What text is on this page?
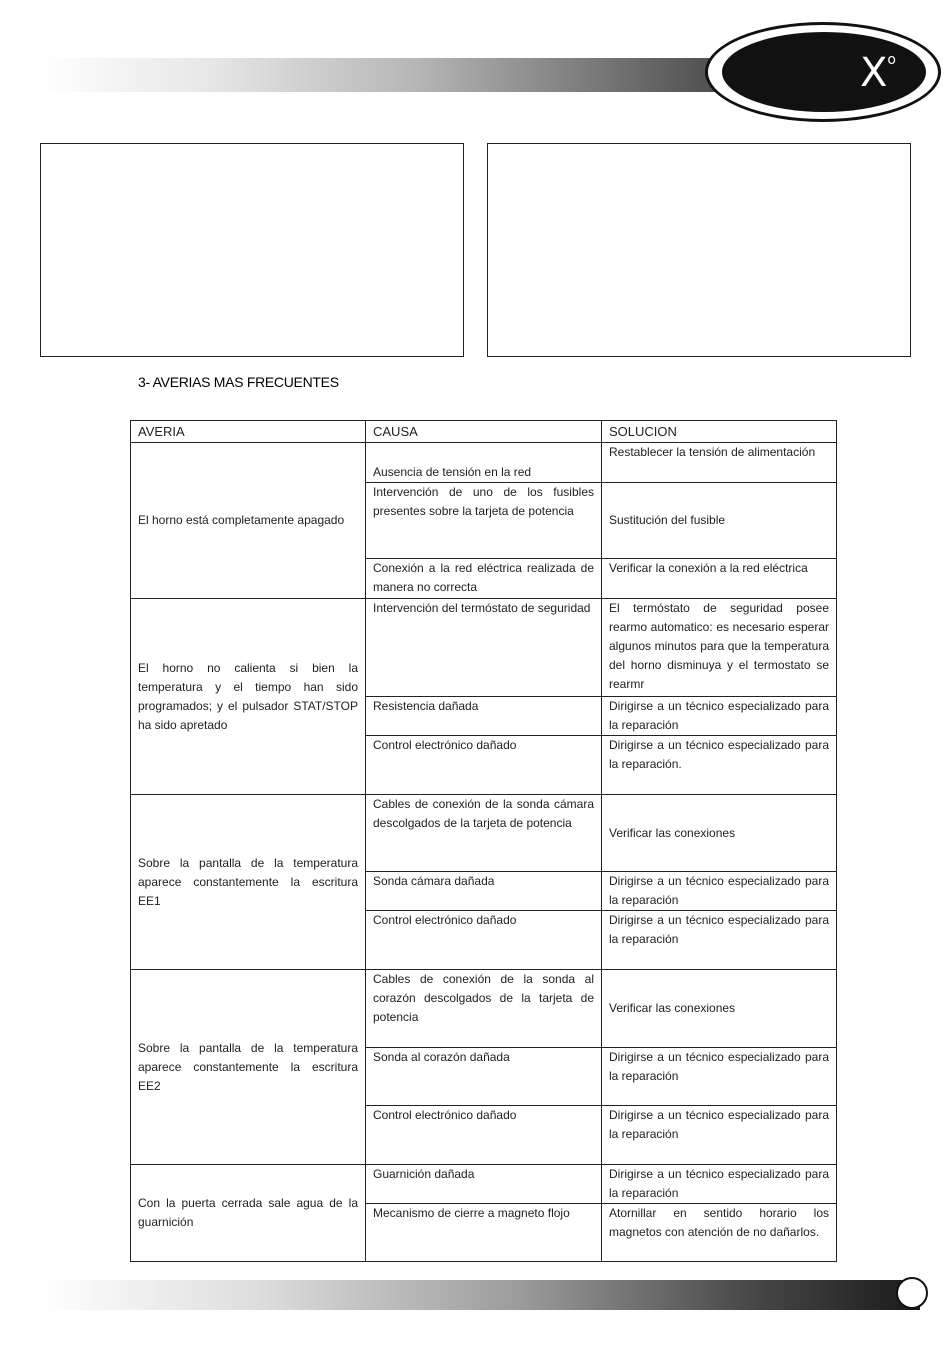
$X^o$
3- AVERIAS MAS FRECUENTES
AVERIA	CAUSA	SOLUCION
El horno está completamente apagado	Ausencia de tensión en la red	Restablecer la tensión de alimentación
	Intervención de uno de los fusibles presentes sobre la tarjeta de potencia	Sustitución del fusible
	Conexión a la red eléctrica realizada de manera no correcta	Verificar la conexión a la red eléctrica
El horno no calienta si bien la temperatura y el tiempo han sido programados; y el pulsador STAT/STOP ha sido apretado	Intervención del termóstato de seguridad	El termóstato de seguridad posee rearmo automatico: es necesario esperar algunos minutos para que la temperatura del horno disminuya y el termostato se rearmr
	Resistencia dañada	Dirigirse a un técnico especializado para la reparación
	Control electrónico dañado	Dirigirse a un técnico especializado para la reparación.
Sobre la pantalla de la temperatura aparece constantemente la escritura EE1	Cables de conexión de la sonda cámara descolgados de la tarjeta de potencia	Verificar las conexiones
	Sonda cámara dañada	Dirigirse a un técnico especializado para la reparación
	Control electrónico dañado	Dirigirse a un técnico especializado para la reparación
Sobre la pantalla de la temperatura aparece constantemente la escritura EE2	Cables de conexión de la sonda al corazón descolgados de la tarjeta de potencia	Verificar las conexiones
	Sonda al corazón dañada	Dirigirse a un técnico especializado para la reparación
	Control electrónico dañado	Dirigirse a un técnico especializado para la reparación
Con la puerta cerrada sale agua de la guarnición	Guarnición dañada	Dirigirse a un técnico especializado para la reparación
	Mecanismo de cierre a magneto flojo	Atornillar en sentido horario los magnetos con atención de no dañarlos.
